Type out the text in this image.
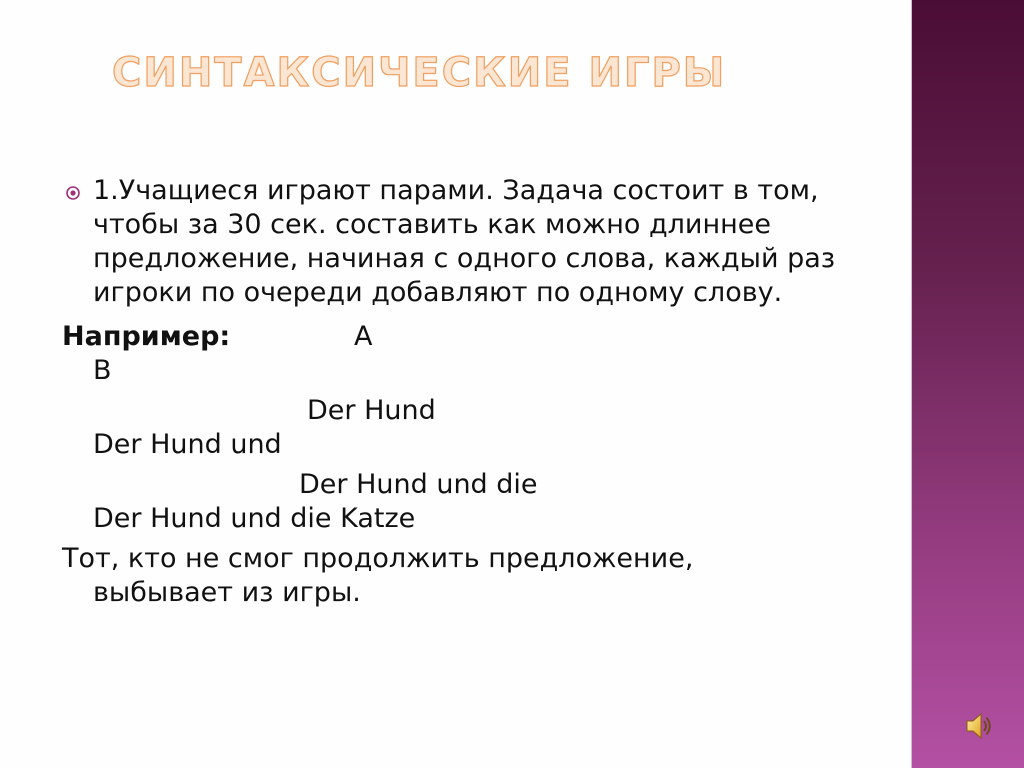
СИНТАКСИЧЕСКИЕ ИГРЫ
1.Учащиеся играют парами. Задача состоит в том, чтобы за 30 сек. составить как можно длиннее предложение, начиная с одного слова, каждый раз игроки по очереди добавляют по одному слову.
Например:	A
B
Der Hund
Der Hund und
Der Hund und die
Der Hund und die Katze
Тот, кто не смог продолжить предложение,
выбывает из игры.
